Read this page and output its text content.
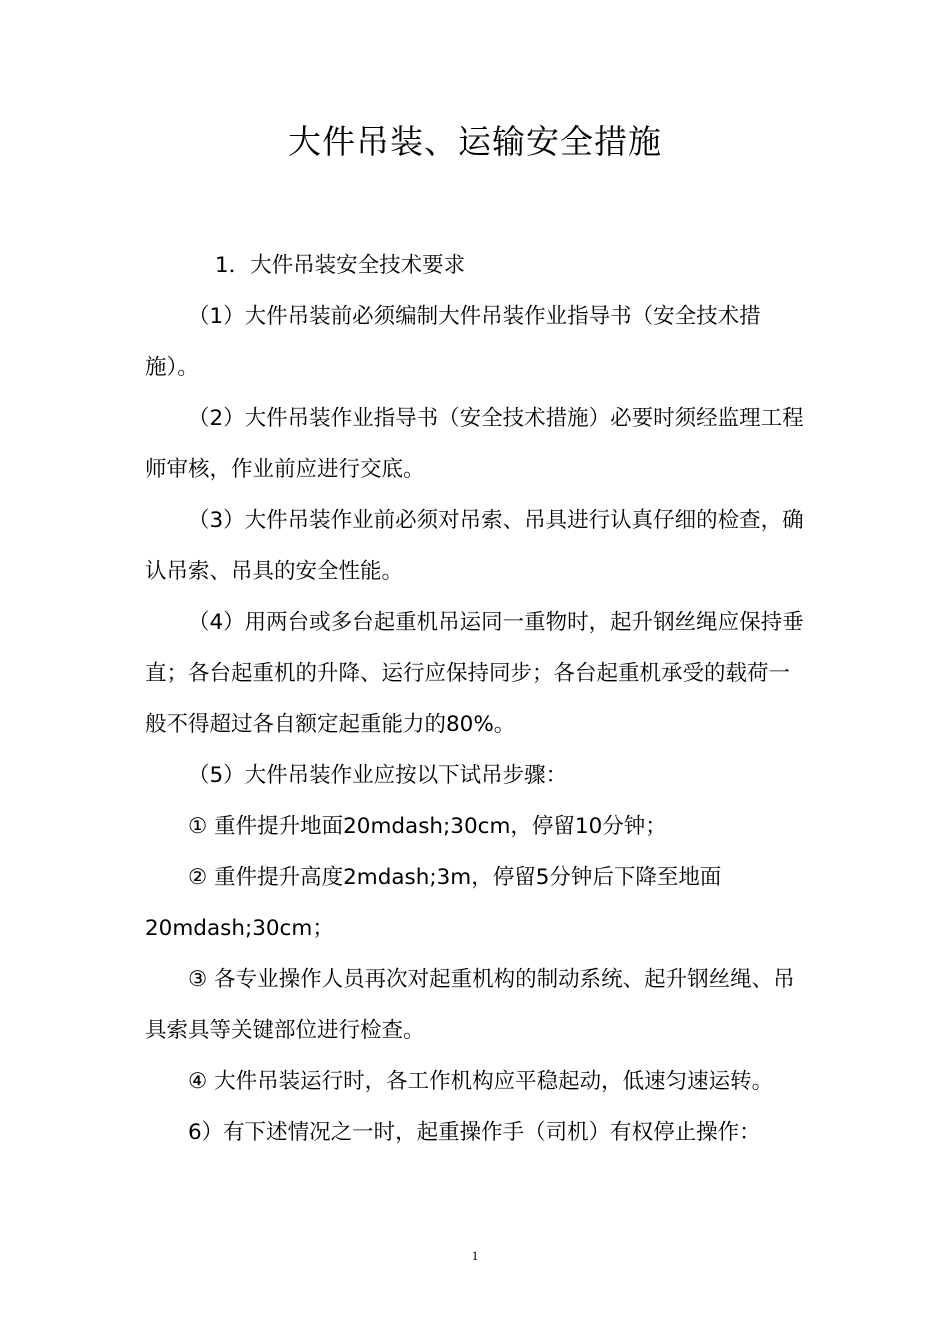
大件吊装、运输安全措施

1．大件吊装安全技术要求

（1）大件吊装前必须编制大件吊装作业指导书（安全技术措施）。

（2）大件吊装作业指导书（安全技术措施）必要时须经监理工程师审核，作业前应进行交底。

（3）大件吊装作业前必须对吊索、吊具进行认真仔细的检查，确认吊索、吊具的安全性能。

（4）用两台或多台起重机吊运同一重物时，起升钢丝绳应保持垂直；各台起重机的升降、运行应保持同步；各台起重机承受的载荷一般不得超过各自额定起重能力的80%。

（5）大件吊装作业应按以下试吊步骤：

① 重件提升地面20mdash;30cm，停留10分钟；

② 重件提升高度2mdash;3m，停留5分钟后下降至地面20mdash;30cm；

③ 各专业操作人员再次对起重机构的制动系统、起升钢丝绳、吊具索具等关键部位进行检查。

④ 大件吊装运行时，各工作机构应平稳起动，低速匀速运转。

6）有下述情况之一时，起重操作手（司机）有权停止操作：

1
